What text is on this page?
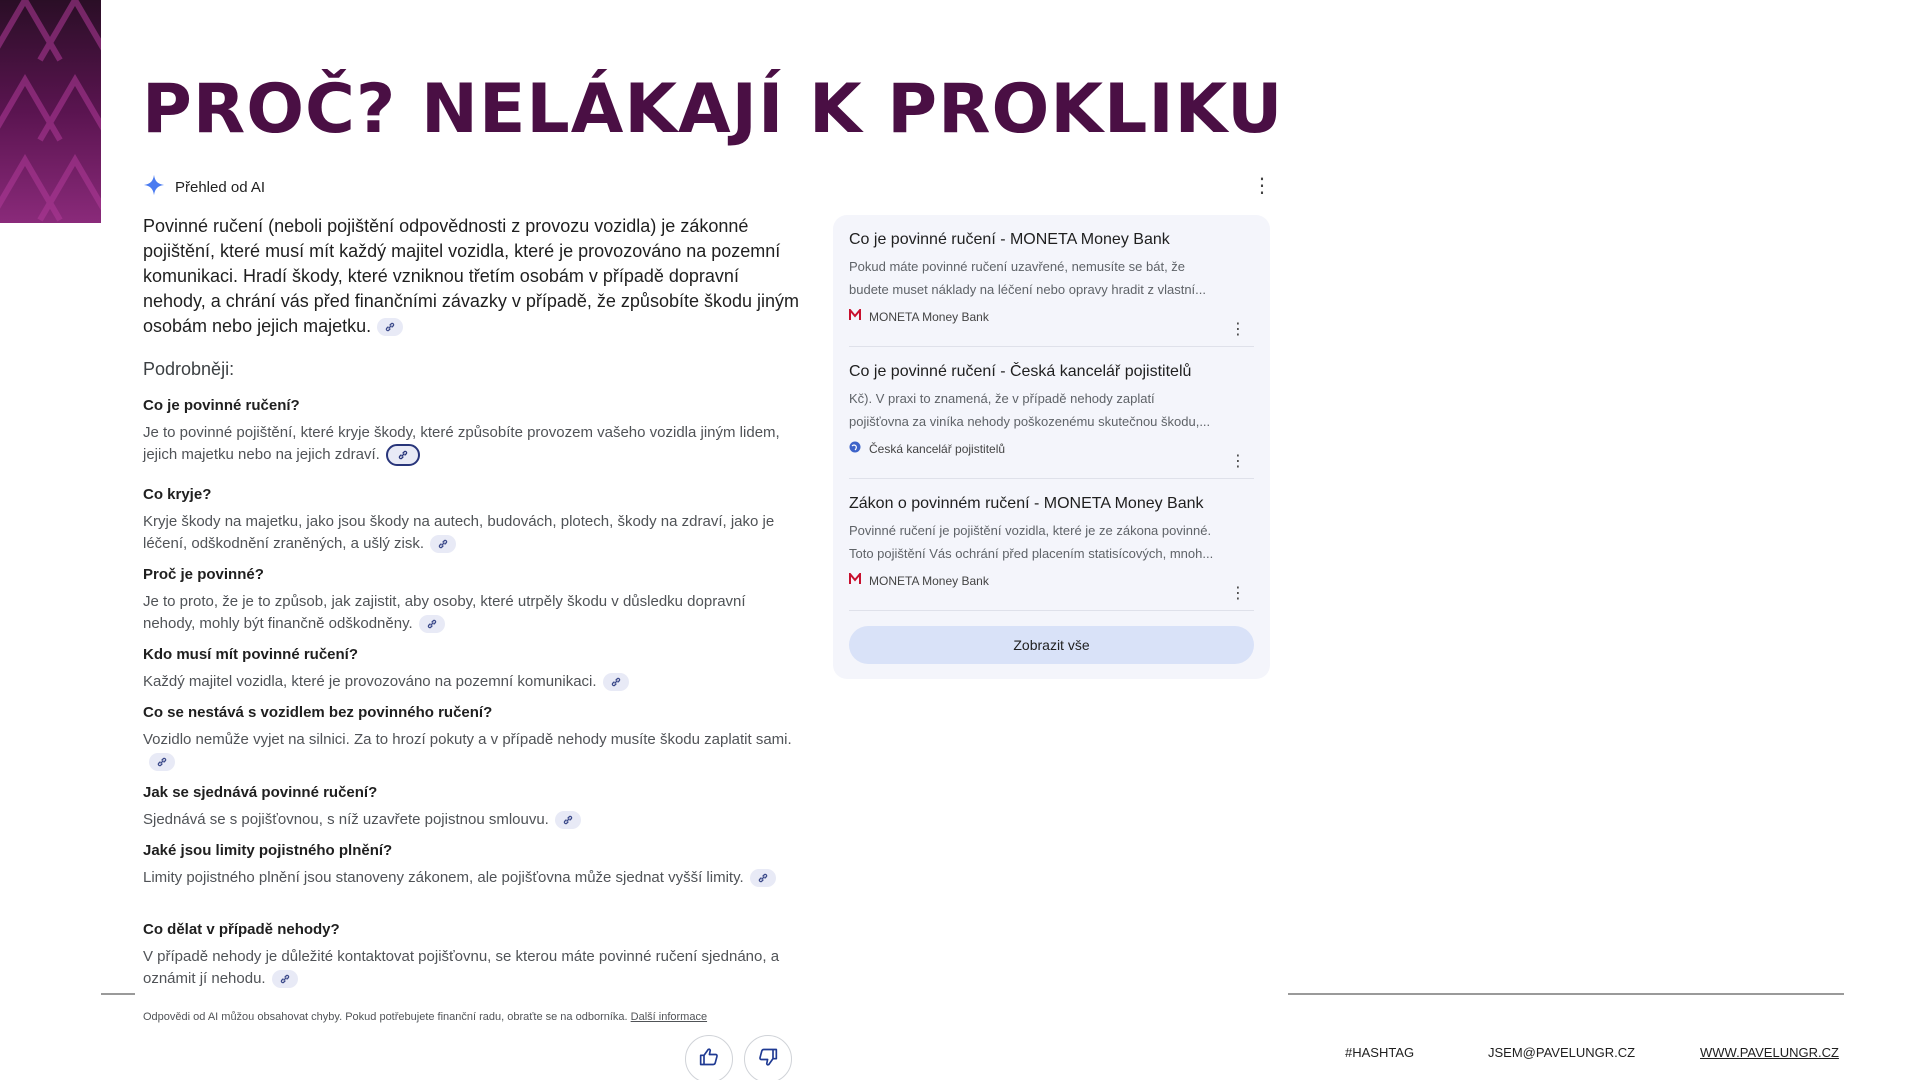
PROČ? NELÁKAJÍ K PROKLIKU
Přehled od AI	⋮

Povinné ručení (neboli pojištění odpovědnosti z provozu vozidla) je zákonné pojištění, které musí mít každý majitel vozidla, které je provozováno na pozemní komunikaci. Hradí škody, které vzniknou třetím osobám v případě dopravní nehody, a chrání vás před finančními závazky v případě, že způsobíte škodu jiným osobám nebo jejich majetku.

Podrobněji:
Co je povinné ručení?
Je to povinné pojištění, které kryje škody, které způsobíte provozem vašeho vozidla jiným lidem, jejich majetku nebo na jejich zdraví.
Co kryje?
Kryje škody na majetku, jako jsou škody na autech, budovách, plotech, škody na zdraví, jako je léčení, odškodnění zraněných, a ušlý zisk.
Proč je povinné?
Je to proto, že je to způsob, jak zajistit, aby osoby, které utrpěly škodu v důsledku dopravní nehody, mohly být finančně odškodněny.
Kdo musí mít povinné ručení?
Každý majitel vozidla, které je provozováno na pozemní komunikaci.
Co se nestává s vozidlem bez povinného ručení?
Vozidlo nemůže vyjet na silnici. Za to hrozí pokuty a v případě nehody musíte škodu zaplatit sami.
Jak se sjednává povinné ručení?
Sjednává se s pojišťovnou, s níž uzavřete pojistnou smlouvu.
Jaké jsou limity pojistného plnění?
Limity pojistného plnění jsou stanoveny zákonem, ale pojišťovna může sjednat vyšší limity.
Co dělat v případě nehody?
V případě nehody je důležité kontaktovat pojišťovnu, se kterou máte povinné ručení sjednáno, a oznámit jí nehodu.
Co je povinné ručení - MONETA Money Bank
Pokud máte povinné ručení uzavřené, nemusíte se bát, že
budete muset náklady na léčení nebo opravy hradit z vlastní...
MONETA Money Bank
⋮
Co je povinné ručení - Česká kancelář pojistitelů
Kč). V praxi to znamená, že v případě nehody zaplatí
pojišťovna za viníka nehody poškozenému skutečnou škodu,...
Česká kancelář pojistitelů
⋮
Zákon o povinném ručení - MONETA Money Bank
Povinné ručení je pojištění vozidla, které je ze zákona povinné.
Toto pojištění Vás ochrání před placením statisícových, mnoh...
MONETA Money Bank
⋮
Zobrazit vše
Odpovědi od AI můžou obsahovat chyby. Pokud potřebujete finanční radu, obraťte se na odborníka. Další informace
#HASHTAG	JSEM@PAVELUNGR.CZ	WWW.PAVELUNGR.CZ
